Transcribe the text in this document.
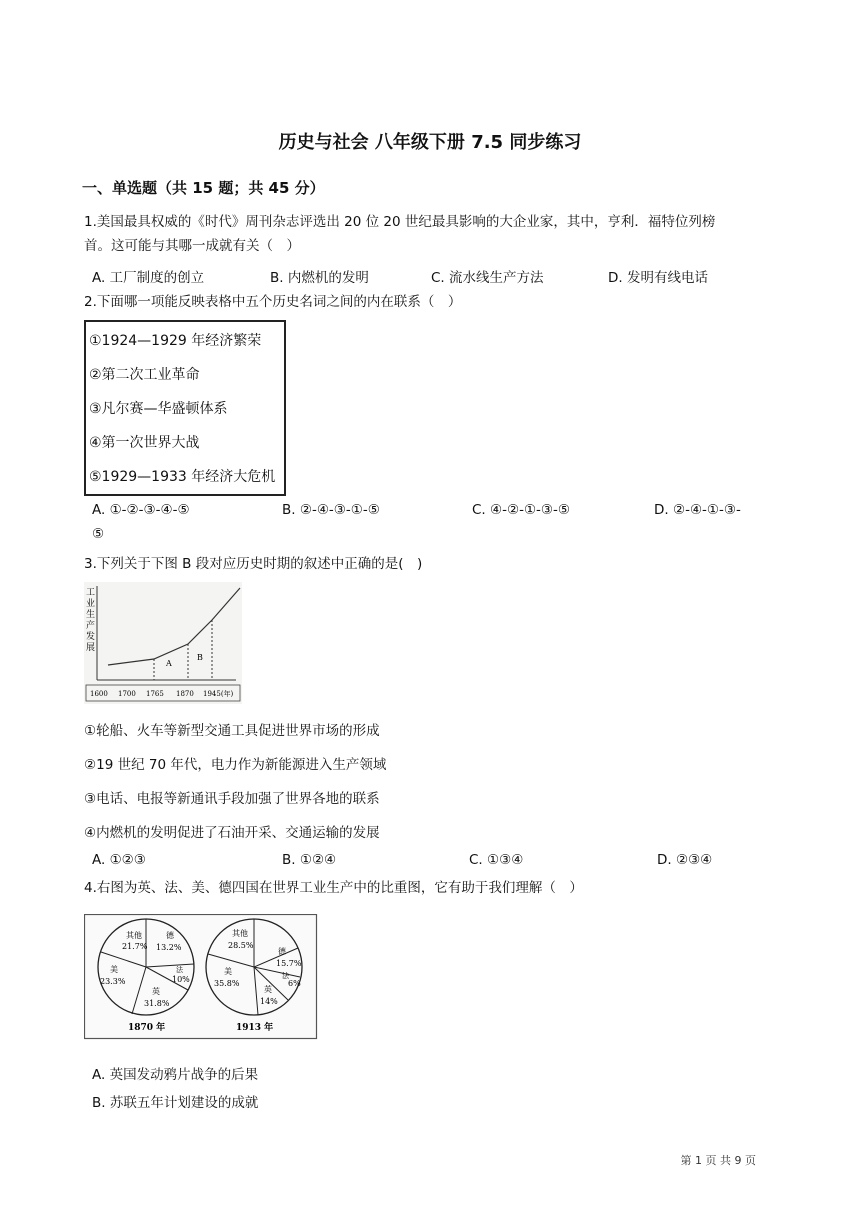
历史与社会 八年级下册 7.5 同步练习
一、单选题（共 15 题；共 45 分）
1.美国最具权威的《时代》周刊杂志评选出 20 位 20 世纪最具影响的大企业家，其中，亨利．福特位列榜
首。这可能与其哪一成就有关（　）
A. 工厂制度的创立	B. 内燃机的发明	C. 流水线生产方法	D. 发明有线电话
2.下面哪一项能反映表格中五个历史名词之间的内在联系（　）
①1924—1929 年经济繁荣
②第二次工业革命
③凡尔赛—华盛顿体系
④第一次世界大战
⑤1929—1933 年经济大危机
A. ①-②-③-④-⑤	B. ②-④-③-①-⑤	C. ④-②-①-③-⑤	D. ②-④-①-③-
⑤
3.下列关于下图 B 段对应历史时期的叙述中正确的是(　)
工
业
生
产
发
展
A
B
1600 1700 1765 1870 1945(年)
①轮船、火车等新型交通工具促进世界市场的形成
②19 世纪 70 年代，电力作为新能源进入生产领域
③电话、电报等新通讯手段加强了世界各地的联系
④内燃机的发明促进了石油开采、交通运输的发展
A. ①②③	B. ①②④	C. ①③④	D. ②③④
4.右图为英、法、美、德四国在世界工业生产中的比重图，它有助于我们理解（　）
其他
21.7%
德
13.2%
法
10%
英
31.8%
美
23.3%
1870 年
其他
28.5%
德
15.7%
法
6%
英
14%
美
35.8%
1913 年
A. 英国发动鸦片战争的后果
B. 苏联五年计划建设的成就
第 1 页 共 9 页
